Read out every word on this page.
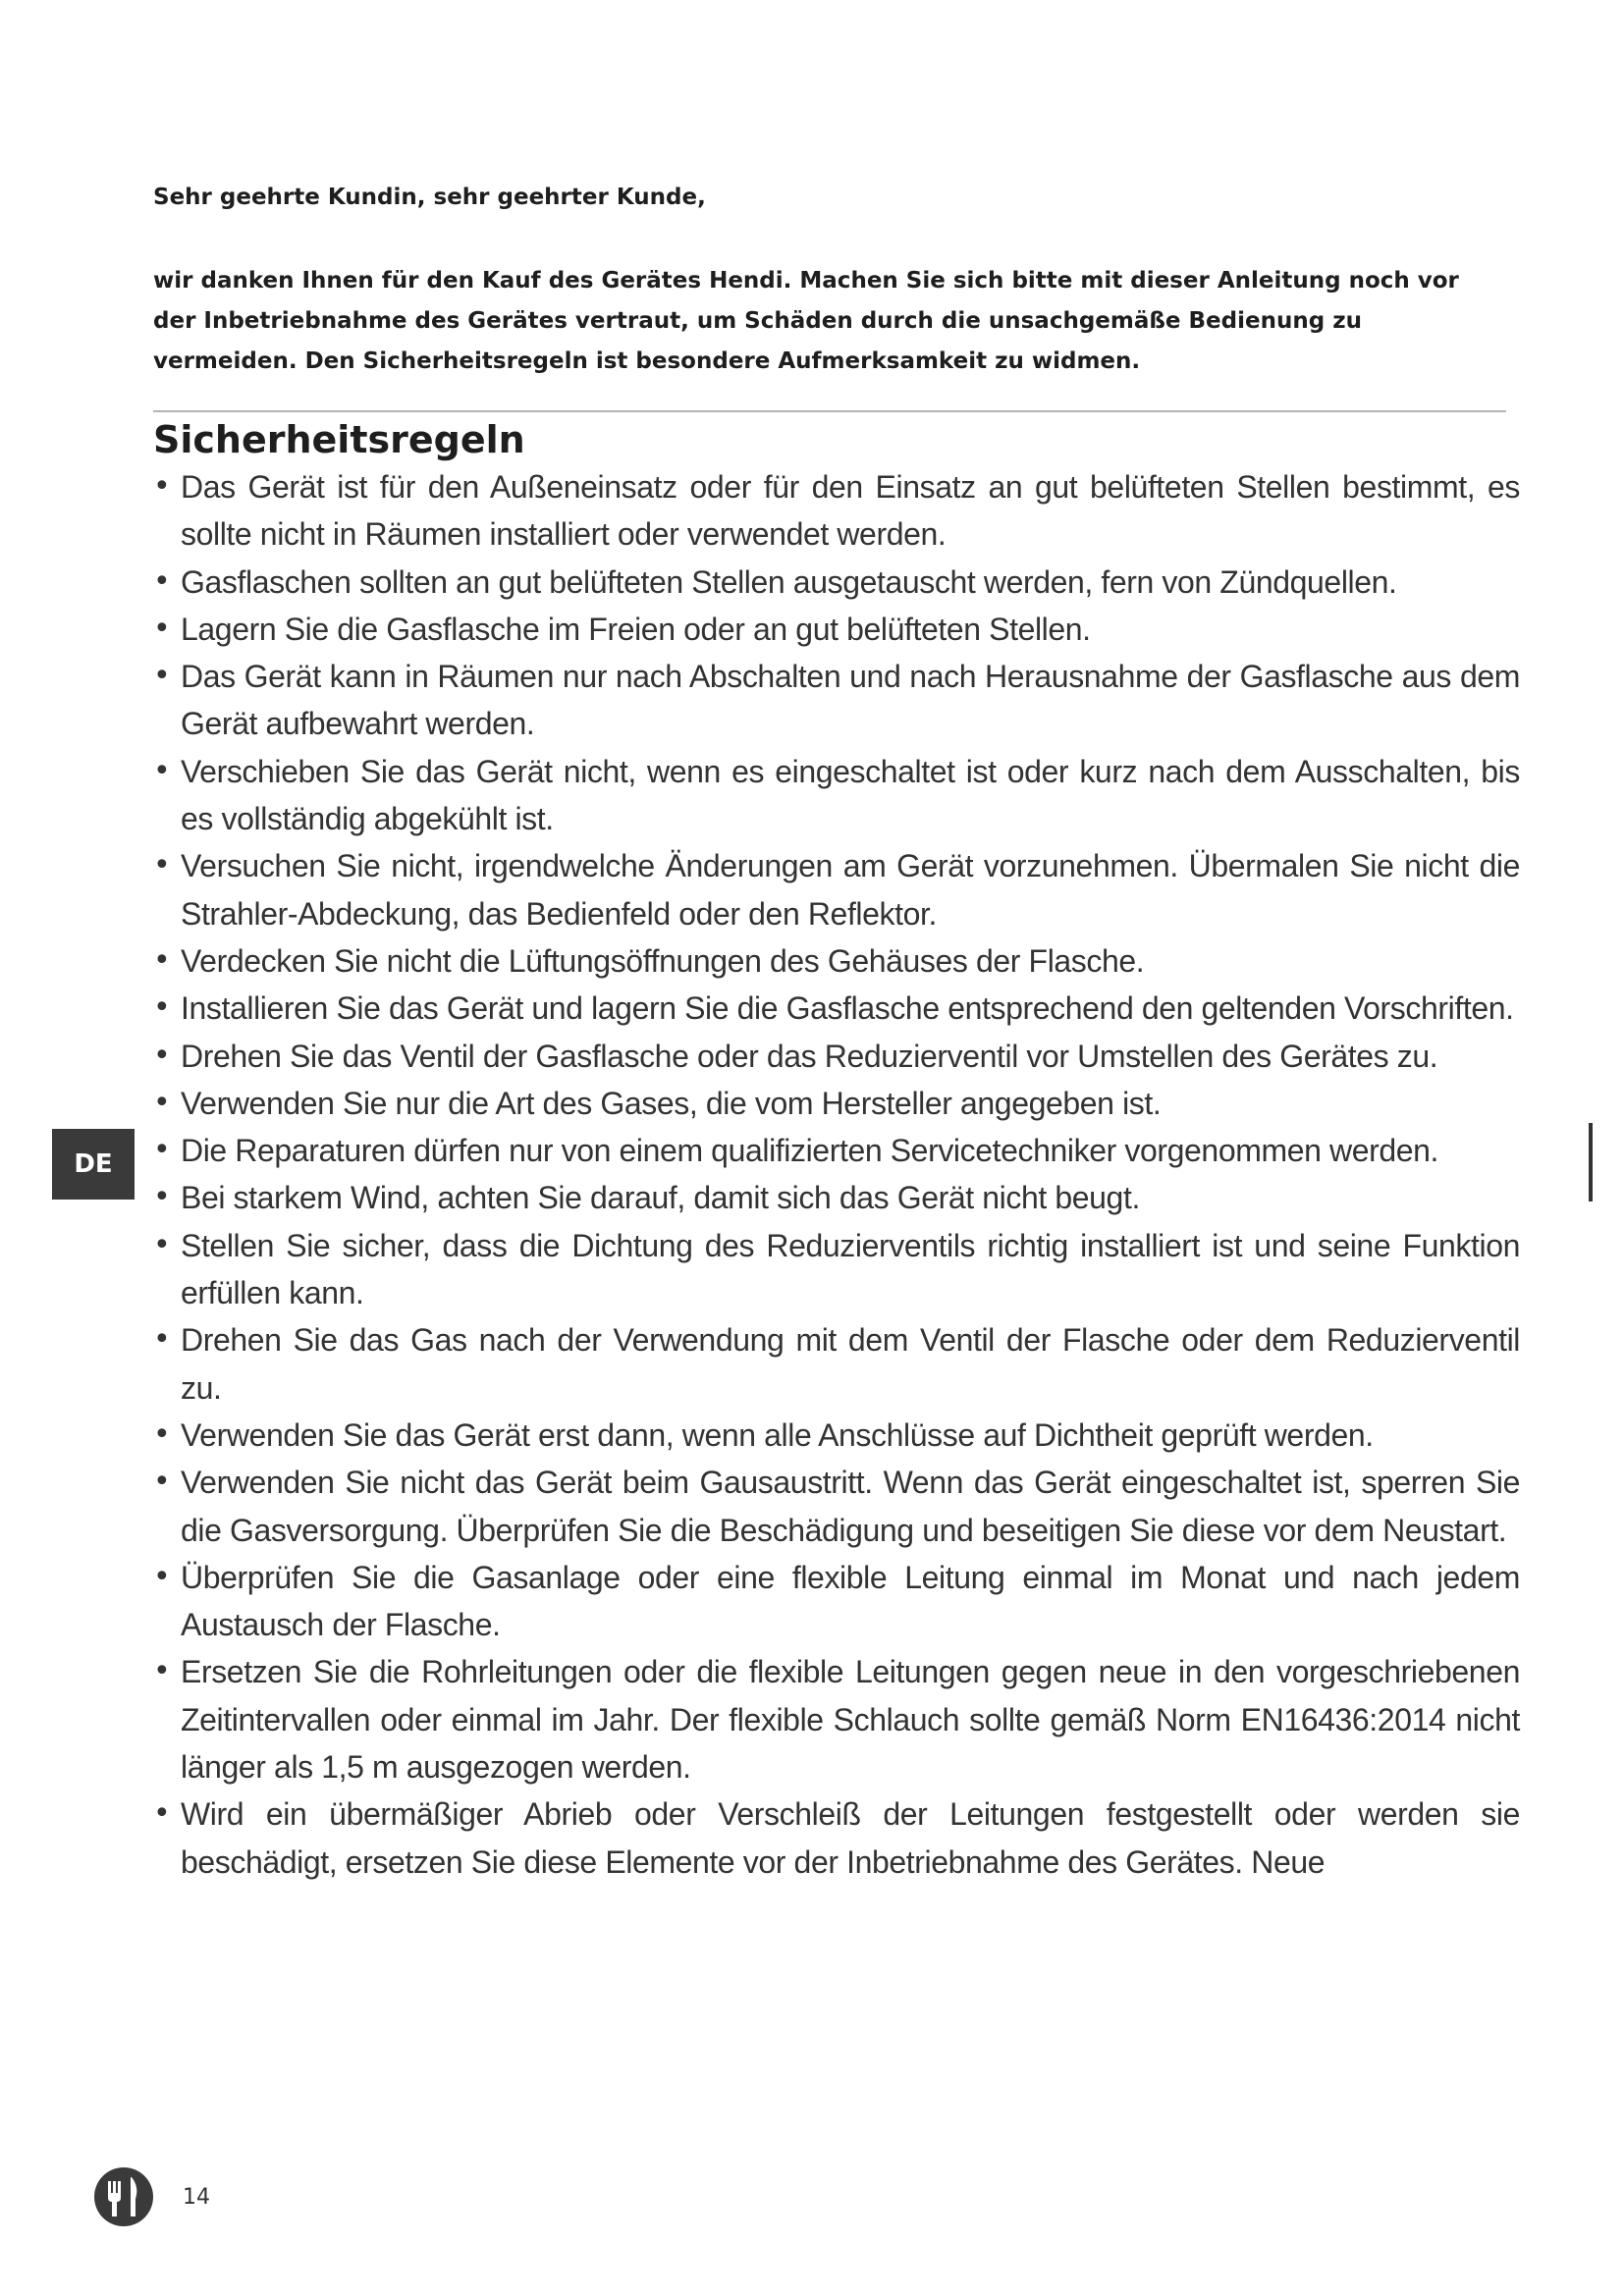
Sehr geehrte Kundin, sehr geehrter Kunde,

wir danken Ihnen für den Kauf des Gerätes Hendi. Machen Sie sich bitte mit dieser Anleitung noch vor der Inbetriebnahme des Gerätes vertraut, um Schäden durch die unsachgemäße Bedienung zu vermeiden. Den Sicherheitsregeln ist besondere Aufmerksamkeit zu widmen.

Sicherheitsregeln
• Das Gerät ist für den Außeneinsatz oder für den Einsatz an gut belüfteten Stellen bestimmt, es sollte nicht in Räumen installiert oder verwendet werden.
• Gasflaschen sollten an gut belüfteten Stellen ausgetauscht werden, fern von Zündquellen.
• Lagern Sie die Gasflasche im Freien oder an gut belüfteten Stellen.
• Das Gerät kann in Räumen nur nach Abschalten und nach Herausnahme der Gasflasche aus dem Gerät aufbewahrt werden.
• Verschieben Sie das Gerät nicht, wenn es eingeschaltet ist oder kurz nach dem Ausschalten, bis es vollständig abgekühlt ist.
• Versuchen Sie nicht, irgendwelche Änderungen am Gerät vorzunehmen. Übermalen Sie nicht die Strahler-Abdeckung, das Bedienfeld oder den Reflektor.
• Verdecken Sie nicht die Lüftungsöffnungen des Gehäuses der Flasche.
• Installieren Sie das Gerät und lagern Sie die Gasflasche entsprechend den geltenden Vorschriften.
• Drehen Sie das Ventil der Gasflasche oder das Reduzierventil vor Umstellen des Gerätes zu.
• Verwenden Sie nur die Art des Gases, die vom Hersteller angegeben ist.
• Die Reparaturen dürfen nur von einem qualifizierten Servicetechniker vorgenommen werden.
• Bei starkem Wind, achten Sie darauf, damit sich das Gerät nicht beugt.
• Stellen Sie sicher, dass die Dichtung des Reduzierventils richtig installiert ist und seine Funktion erfüllen kann.
• Drehen Sie das Gas nach der Verwendung mit dem Ventil der Flasche oder dem Reduzierventil zu.
• Verwenden Sie das Gerät erst dann, wenn alle Anschlüsse auf Dichtheit geprüft werden.
• Verwenden Sie nicht das Gerät beim Gausaustritt. Wenn das Gerät eingeschaltet ist, sperren Sie die Gasversorgung. Überprüfen Sie die Beschädigung und beseitigen Sie diese vor dem Neustart.
• Überprüfen Sie die Gasanlage oder eine flexible Leitung einmal im Monat und nach jedem Austausch der Flasche.
• Ersetzen Sie die Rohrleitungen oder die flexible Leitungen gegen neue in den vorgeschriebenen Zeitintervallen oder einmal im Jahr. Der flexible Schlauch sollte gemäß Norm EN16436:2014 nicht länger als 1,5 m ausgezogen werden.
• Wird ein übermäßiger Abrieb oder Verschleiß der Leitungen festgestellt oder werden sie beschädigt, ersetzen Sie diese Elemente vor der Inbetriebnahme des Gerätes. Neue
DE
14
